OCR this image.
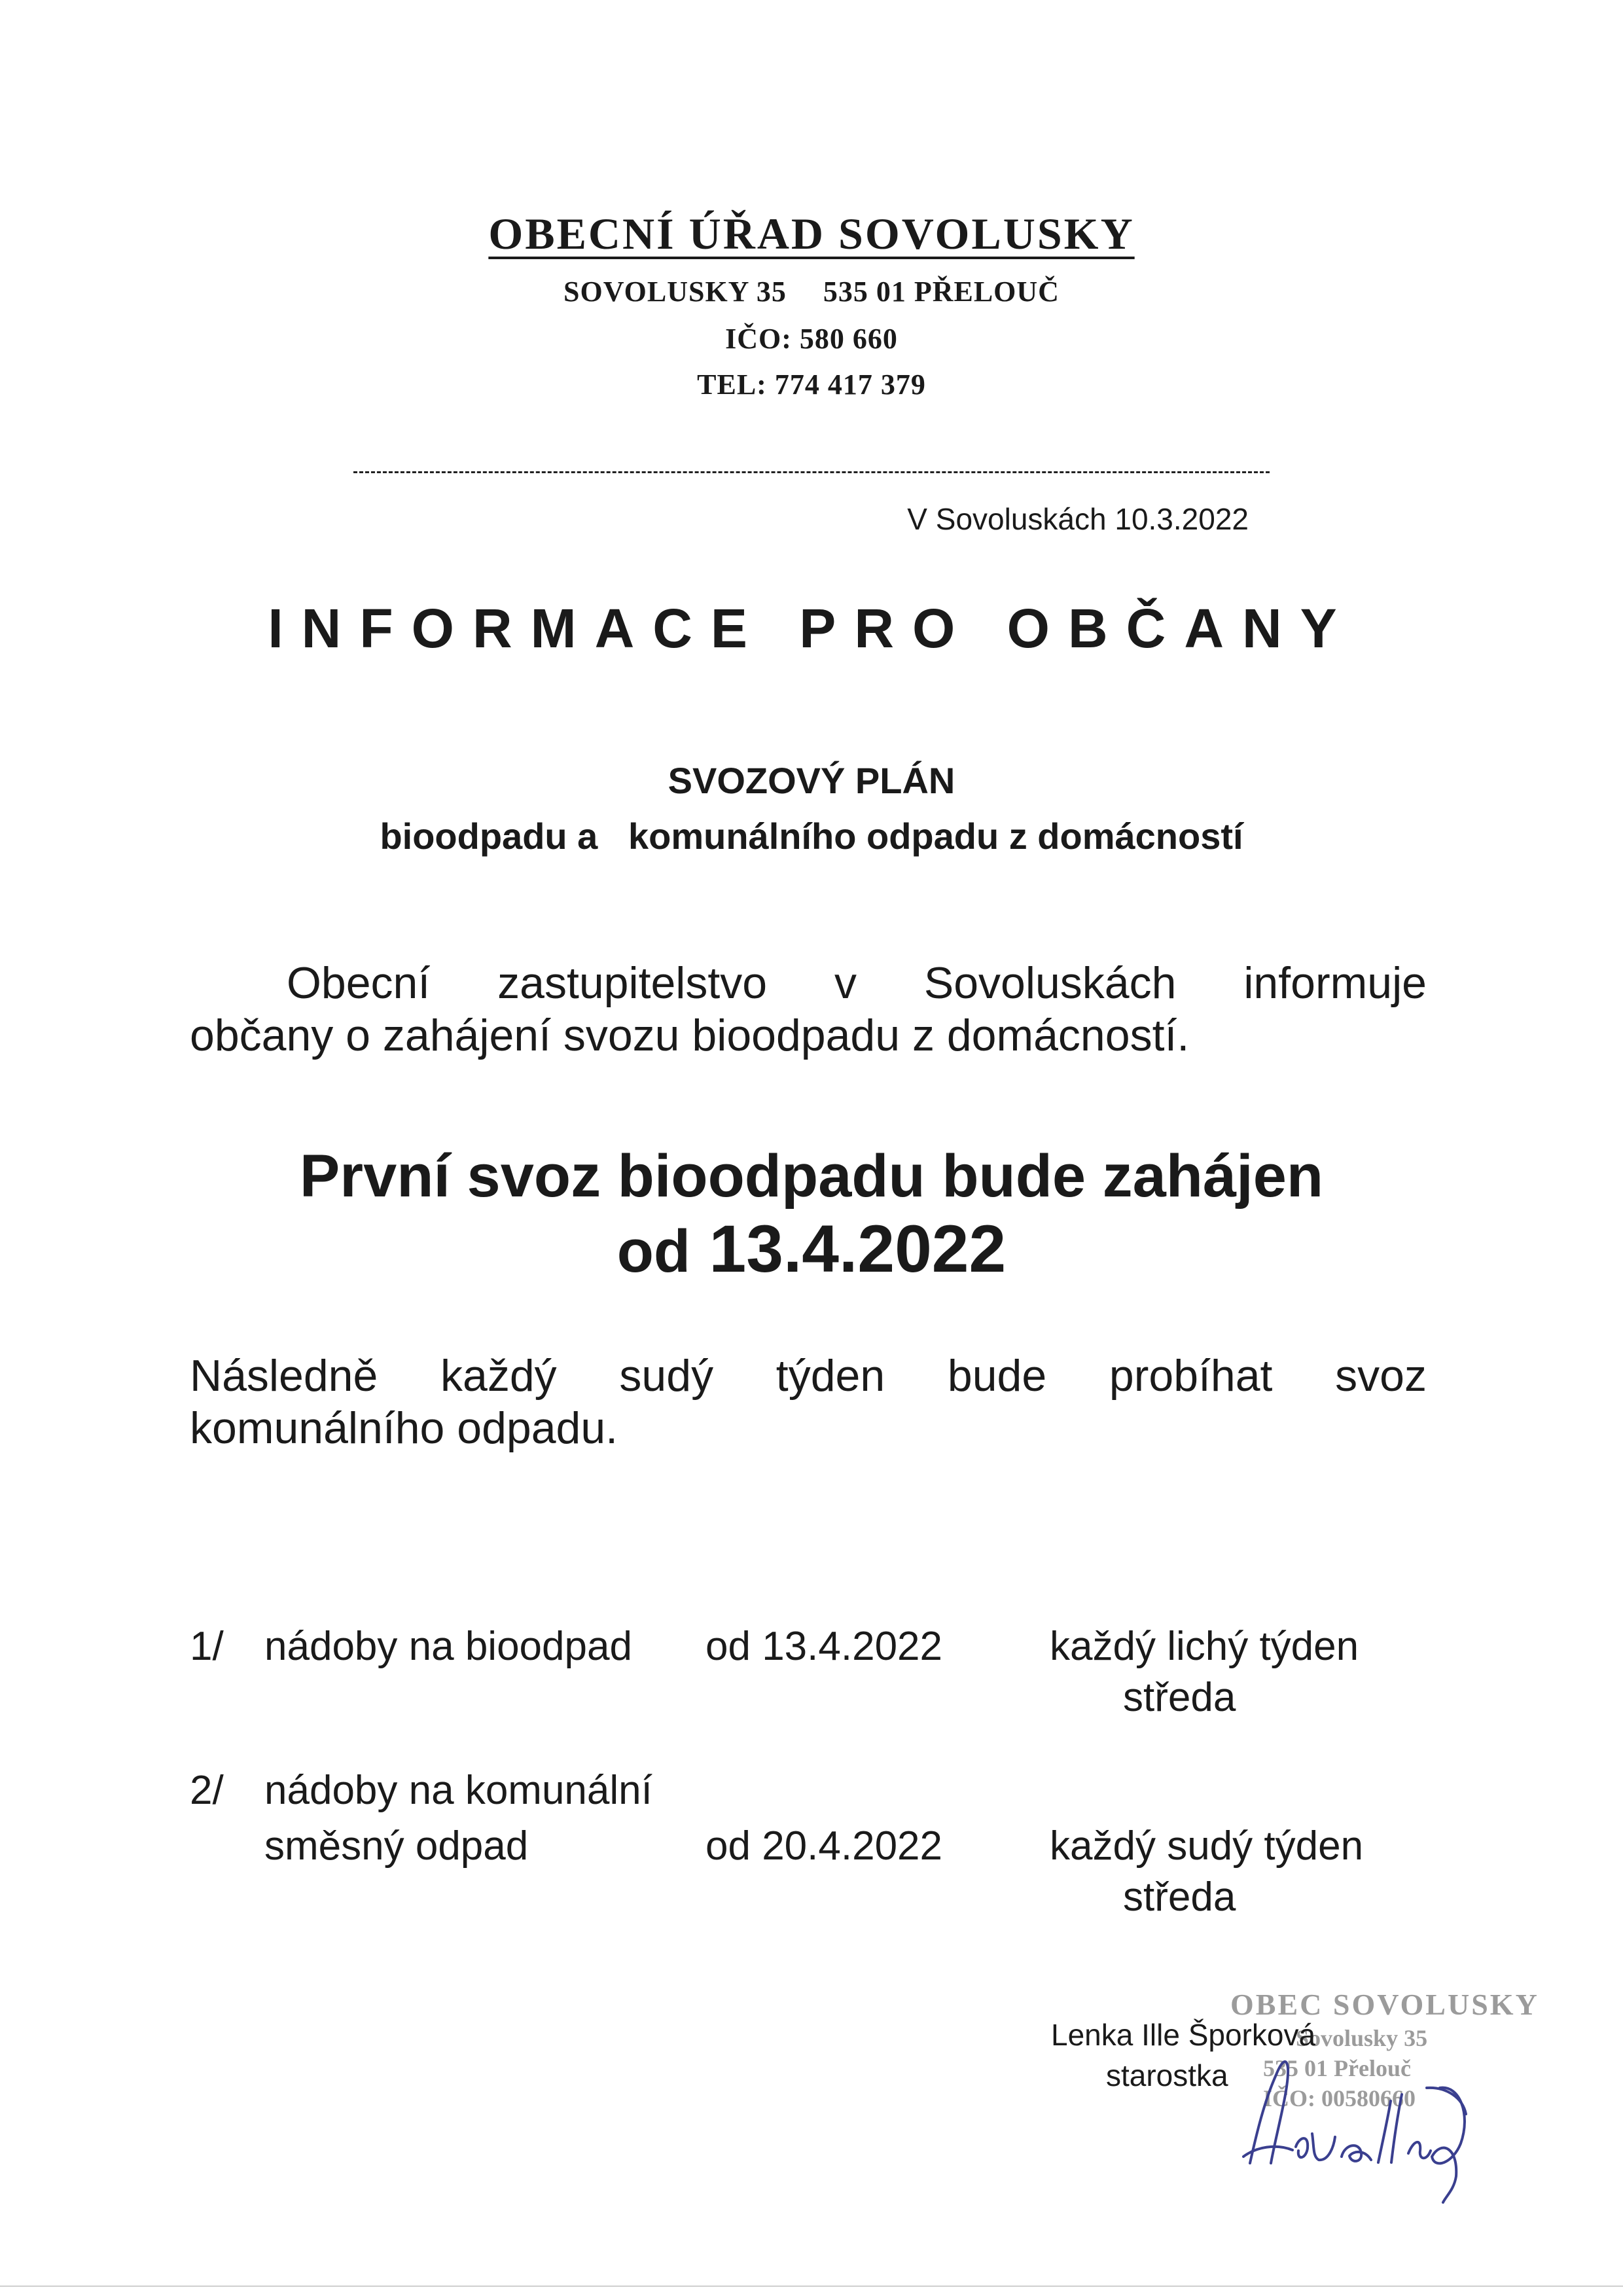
OBECNÍ ÚŘAD SOVOLUSKY
SOVOLUSKY 35 535 01 PŘELOUČ
IČO: 580 660
TEL: 774 417 379
V Sovoluskách 10.3.2022
INFORMACE PRO OBČANY
SVOZOVÝ PLÁN
bioodpadu a   komunálního odpadu z domácností
Obecní zastupitelstvo v Sovoluskách informuje
občany o zahájení svozu bioodpadu z domácností.
První svoz bioodpadu bude zahájen
od 13.4.2022
Následně každý sudý týden bude probíhat svoz
komunálního odpadu.
1/ nádoby na bioodpad od 13.4.2022	každý lichý týden
středa
2/ nádoby na komunální
směsný odpad	od 20.4.2022	každý sudý týden
středa
OBEC SOVOLUSKY
Sovolusky 35
535 01 Přelouč
IČO: 00580660
Lenka Ille Šporková
starostka
